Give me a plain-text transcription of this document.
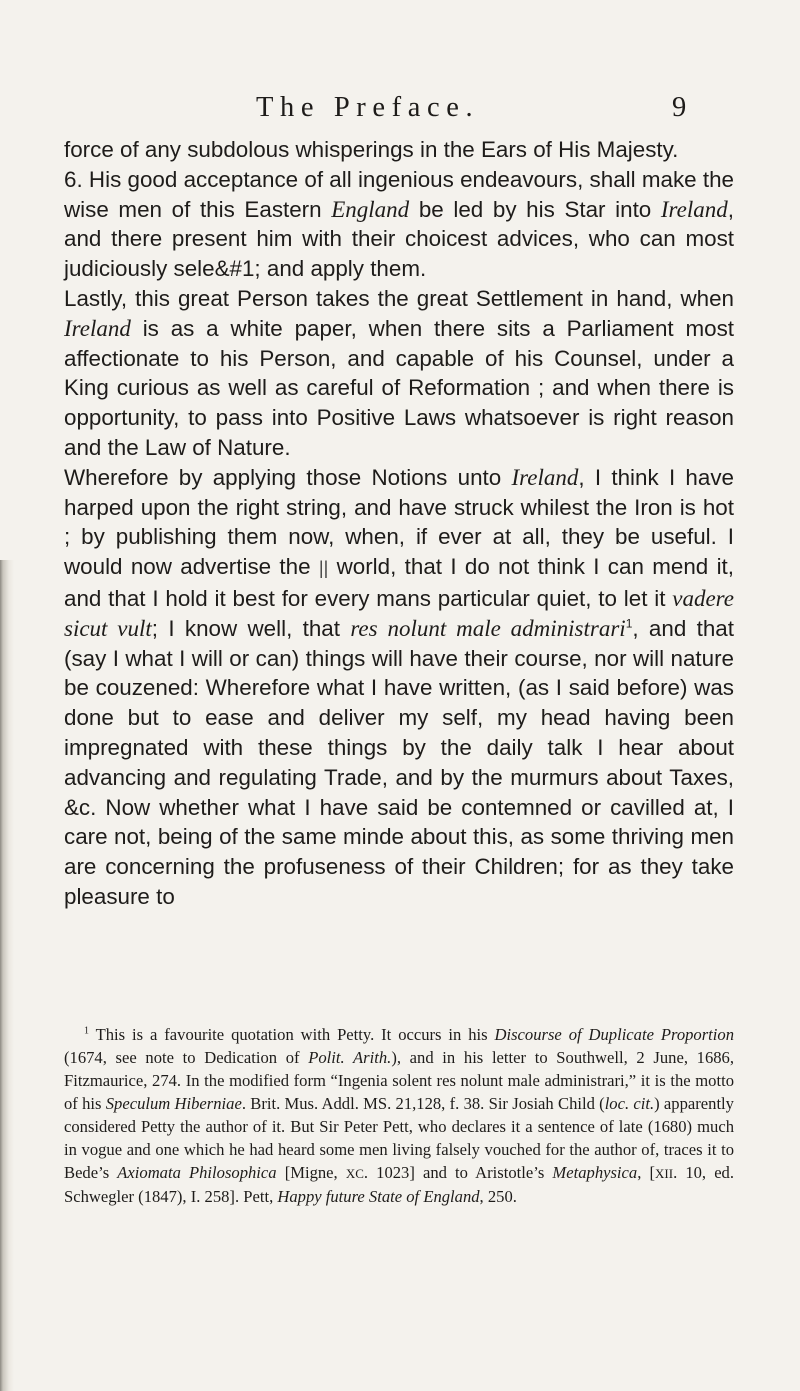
The Preface.	9

force of any subdolous whisperings in the Ears of His Majesty.

6. His good acceptance of all ingenious endeavours, shall make the wise men of this Eastern England be led by his Star into Ireland, and there present him with their choicest advices, who can most judiciously sele&#1; and apply them.

Lastly, this great Person takes the great Settlement in hand, when Ireland is as a white paper, when there sits a Parliament most affectionate to his Person, and capable of his Counsel, under a King curious as well as careful of Reformation ; and when there is opportunity, to pass into Positive Laws whatsoever is right reason and the Law of Nature.

Wherefore by applying those Notions unto Ireland, I think I have harped upon the right string, and have struck whilest the Iron is hot ; by publishing them now, when, if ever at all, they be useful. I would now advertise the || world, that I do not think I can mend it, and that I hold it best for every mans particular quiet, to let it vadere sicut vult; I know well, that res nolunt male administrari$^1$, and that (say I what I will or can) things will have their course, nor will nature be couzened: Wherefore what I have written, (as I said before) was done but to ease and deliver my self, my head having been impregnated with these things by the daily talk I hear about advancing and regulating Trade, and by the murmurs about Taxes, &c. Now whether what I have said be contemned or cavilled at, I care not, being of the same minde about this, as some thriving men are concerning the profuseness of their Children; for as they take pleasure to

$^1$ This is a favourite quotation with Petty. It occurs in his Discourse of Duplicate Proportion (1674, see note to Dedication of Polit. Arith.), and in his letter to Southwell, 2 June, 1686, Fitzmaurice, 274. In the modified form “Ingenia solent res nolunt male administrari,” it is the motto of his Speculum Hiberniae. Brit. Mus. Addl. MS. 21,128, f. 38. Sir Josiah Child (loc. cit.) apparently considered Petty the author of it. But Sir Peter Pett, who declares it a sentence of late (1680) much in vogue and one which he had heard some men living falsely vouched for the author of, traces it to Bede’s Axiomata Philosophica [Migne, XC. 1023] and to Aristotle’s Metaphysica, [XII. 10, ed. Schwegler (1847), I. 258]. Pett, Happy future State of England, 250.
